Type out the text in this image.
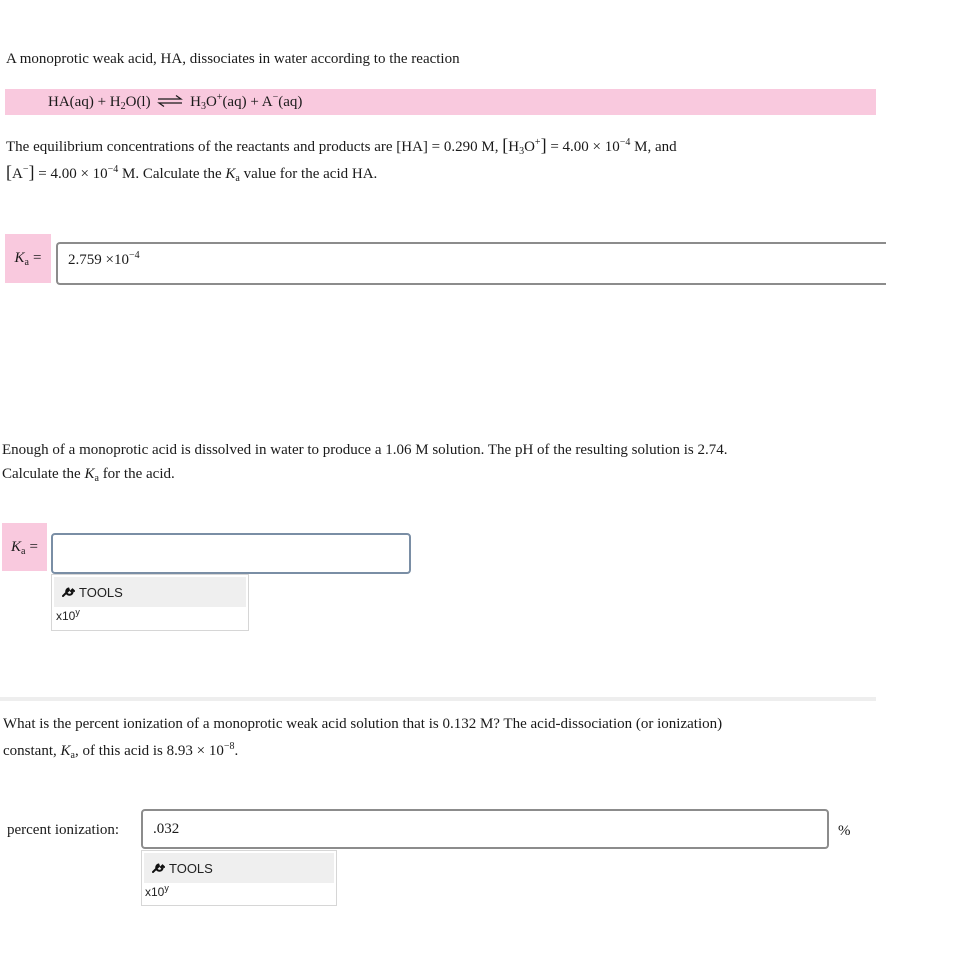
A monoprotic weak acid, HA, dissociates in water according to the reaction
$HA(aq) + H_2O(l)$ ⇌ $H_3O^+(aq) + A^-(aq)$
The equilibrium concentrations of the reactants and products are [HA] = 0.290 M, $[H_3O^+] = 4.00 \times 10^{-4}$ M, and
$[A^-] = 4.00 \times 10^{-4}$ M. Calculate the $K_a$ value for the acid HA.
$K_a = 2.759 \times 10^{-4}$
Enough of a monoprotic acid is dissolved in water to produce a 1.06 M solution. The pH of the resulting solution is 2.74.
Calculate the $K_a$ for the acid.
$K_a$ =
TOOLS
x10$^y$
What is the percent ionization of a monoprotic weak acid solution that is 0.132 M? The acid-dissociation (or ionization)
constant, $K_a$, of this acid is $8.93 \times 10^{-8}$.
percent ionization: .032	%
TOOLS
x10$^y$
